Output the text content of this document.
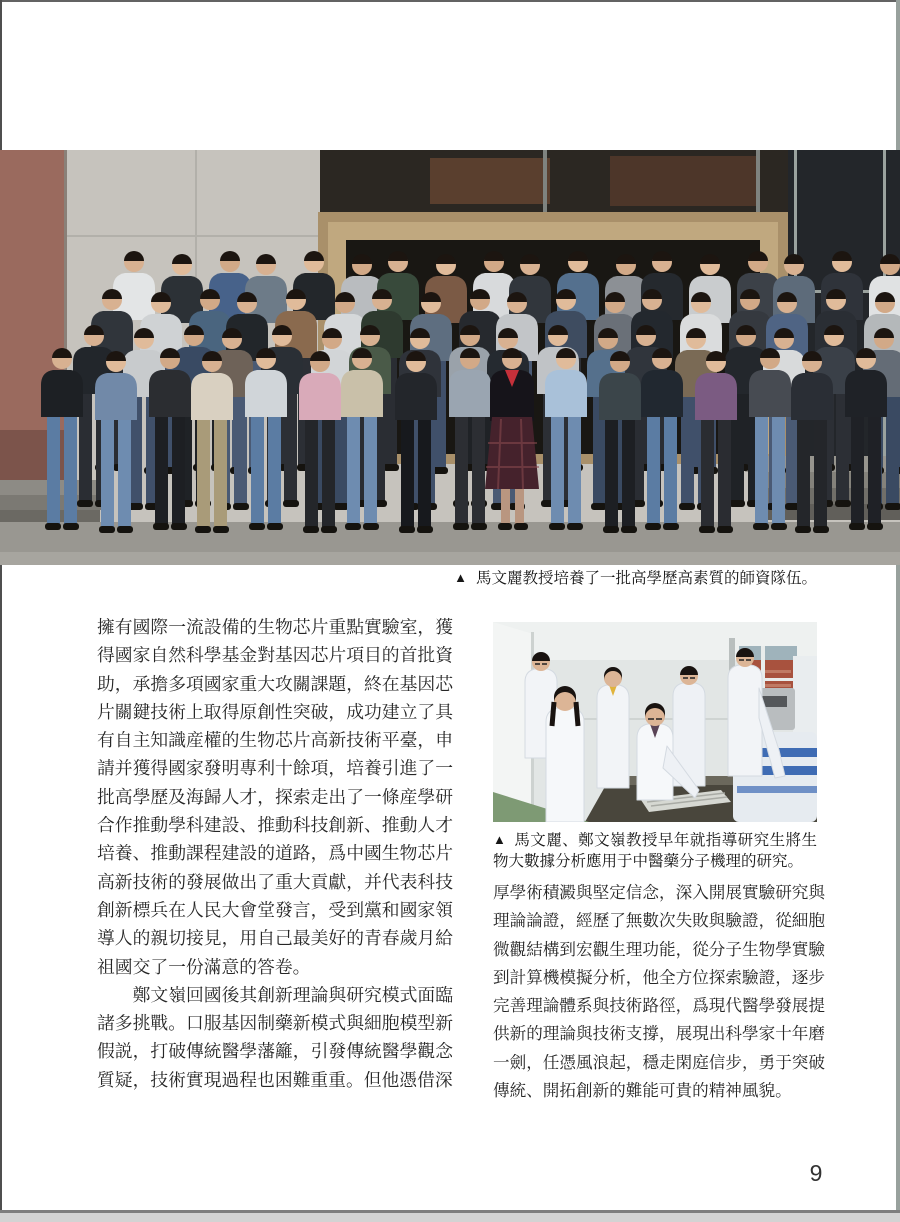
▲ 馬文麗教授培養了一批高學歷高素質的師資隊伍。

擁有國際一流設備的生物芯片重點實驗室，獲得國家自然科學基金對基因芯片項目的首批資助，承擔多項國家重大攻關課題，終在基因芯片關鍵技術上取得原創性突破，成功建立了具有自主知識産權的生物芯片高新技術平臺，申請并獲得國家發明專利十餘項，培養引進了一批高學歷及海歸人才，探索走出了一條産學研合作推動學科建設、推動科技創新、推動人才培養、推動課程建設的道路，爲中國生物芯片高新技術的發展做出了重大貢獻，并代表科技創新標兵在人民大會堂發言，受到黨和國家領導人的親切接見，用自己最美好的青春歲月給祖國交了一份滿意的答卷。

鄭文嶺回國後其創新理論與研究模式面臨諸多挑戰。口服基因制藥新模式與細胞模型新假説，打破傳統醫學藩籬，引發傳統醫學觀念質疑，技術實現過程也困難重重。但他憑借深

▲ 馬文麗、鄭文嶺教授早年就指導研究生將生物大數據分析應用于中醫藥分子機理的研究。

厚學術積澱與堅定信念，深入開展實驗研究與理論論證，經歷了無數次失敗與驗證，從細胞微觀結構到宏觀生理功能，從分子生物學實驗到計算機模擬分析，他全方位探索驗證，逐步完善理論體系與技術路徑，爲現代醫學發展提供新的理論與技術支撐，展現出科學家十年磨一劍，任憑風浪起，穩走閑庭信步，勇于突破傳統、開拓創新的難能可貴的精神風貌。

9
